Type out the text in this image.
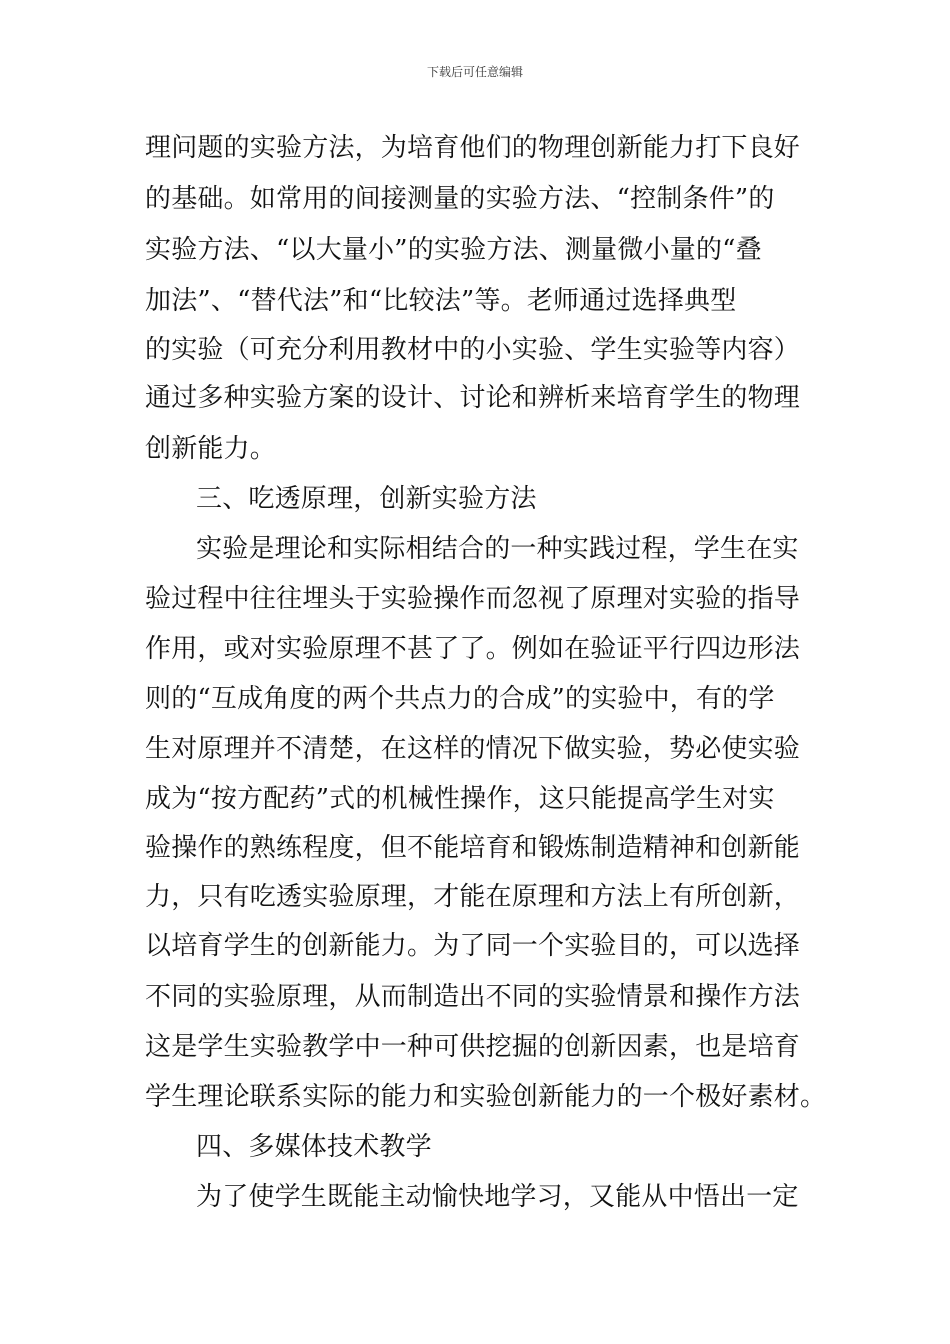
下载后可任意编辑
理问题的实验方法，为培育他们的物理创新能力打下良好
的基础。如常用的间接测量的实验方法、“控制条件”的
实验方法、“以大量小”的实验方法、测量微小量的“叠
加法”、“替代法”和“比较法”等。老师通过选择典型
的实验（可充分利用教材中的小实验、学生实验等内容）
通过多种实验方案的设计、讨论和辨析来培育学生的物理
创新能力。
三、吃透原理，创新实验方法
实验是理论和实际相结合的一种实践过程，学生在实
验过程中往往埋头于实验操作而忽视了原理对实验的指导
作用，或对实验原理不甚了了。例如在验证平行四边形法
则的“互成角度的两个共点力的合成”的实验中，有的学
生对原理并不清楚，在这样的情况下做实验，势必使实验
成为“按方配药”式的机械性操作，这只能提高学生对实
验操作的熟练程度，但不能培育和锻炼制造精神和创新能
力，只有吃透实验原理，才能在原理和方法上有所创新，
以培育学生的创新能力。为了同一个实验目的，可以选择
不同的实验原理，从而制造出不同的实验情景和操作方法
这是学生实验教学中一种可供挖掘的创新因素，也是培育
学生理论联系实际的能力和实验创新能力的一个极好素材。
四、多媒体技术教学
为了使学生既能主动愉快地学习，又能从中悟出一定
